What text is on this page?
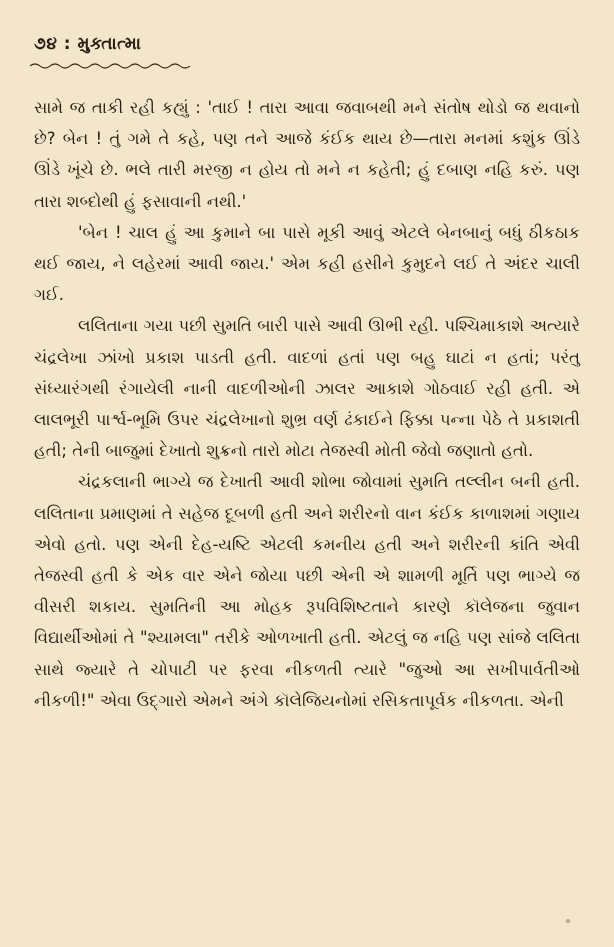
૭૪ : મુક્તાત્મા

સામે જ તાકી રહી કહ્યું : 'તાઈ ! તારા આવા જવાબથી મને સંતોષ થોડો જ થવાનો છે? બેન ! તું ગમે તે કહે, પણ તને આજે કંઈક થાય છે—તારા મનમાં કશુંક ઊંડે ઊંડે ખૂંચે છે. ભલે તારી મરજી ન હોય તો મને ન કહેતી; હું દબાણ નહિ કરું. પણ તારા શબ્દોથી હું ફસાવાની નથી.'

'બેન ! ચાલ હું આ કુમાને બા પાસે મૂકી આવું એટલે બેનબાનું બધું ઠીકઠાક થઈ જાય, ને લહેરમાં આવી જાય.' એમ કહી હસીને કુમુદને લઈ તે અંદર ચાલી ગઈ.

લલિતાના ગયા પછી સુમતિ બારી પાસે આવી ઊભી રહી. પશ્ચિમાકાશે અત્યારે ચંદ્રલેખા ઝાંખો પ્રકાશ પાડતી હતી. વાદળાં હતાં પણ બહુ ઘાટાં ન હતાં; પરંતુ સંધ્યારંગથી રંગાયેલી નાની વાદળીઓની ઝાલર આકાશે ગોઠવાઈ રહી હતી. એ લાલભૂરી પાર્શ્વ-ભૂમિ ઉપર ચંદ્રલેખાનો શુભ્ર વર્ણ ઢંકાઈને ફિક્કા પન્ના પેઠે તે પ્રકાશતી હતી; તેની બાજુમાં દેખાતો શુક્રનો તારો મોટા તેજસ્વી મોતી જેવો જણાતો હતો.

ચંદ્રકલાની ભાગ્યે જ દેખાતી આવી શોભા જોવામાં સુમતિ તલ્લીન બની હતી. લલિતાના પ્રમાણમાં તે સહેજ દૂબળી હતી અને શરીરનો વાન કંઈક કાળાશમાં ગણાય એવો હતો. પણ એની દેહ-યષ્ટિ એટલી કમનીય હતી અને શરીરની કાંતિ એવી તેજસ્વી હતી કે એક વાર એને જોયા પછી એની એ શામળી મૂર્તિ પણ ભાગ્યે જ વીસરી શકાય. સુમતિની આ મોહક રૂપવિશિષ્ટતાને કારણે કૉલેજના જુવાન વિદ્યાર્થીઓમાં તે "શ્યામલા" તરીકે ઓળખાતી હતી. એટલું જ નહિ પણ સાંજે લલિતા સાથે જ્યારે તે ચોપાટી પર ફરવા નીકળતી ત્યારે "જુઓ આ સખીપાર્વતીઓ નીકળી!" એવા ઉદ્ગારો એમને અંગે કૉલેજિયનોમાં રસિકતાપૂર્વક નીકળતા. એની
